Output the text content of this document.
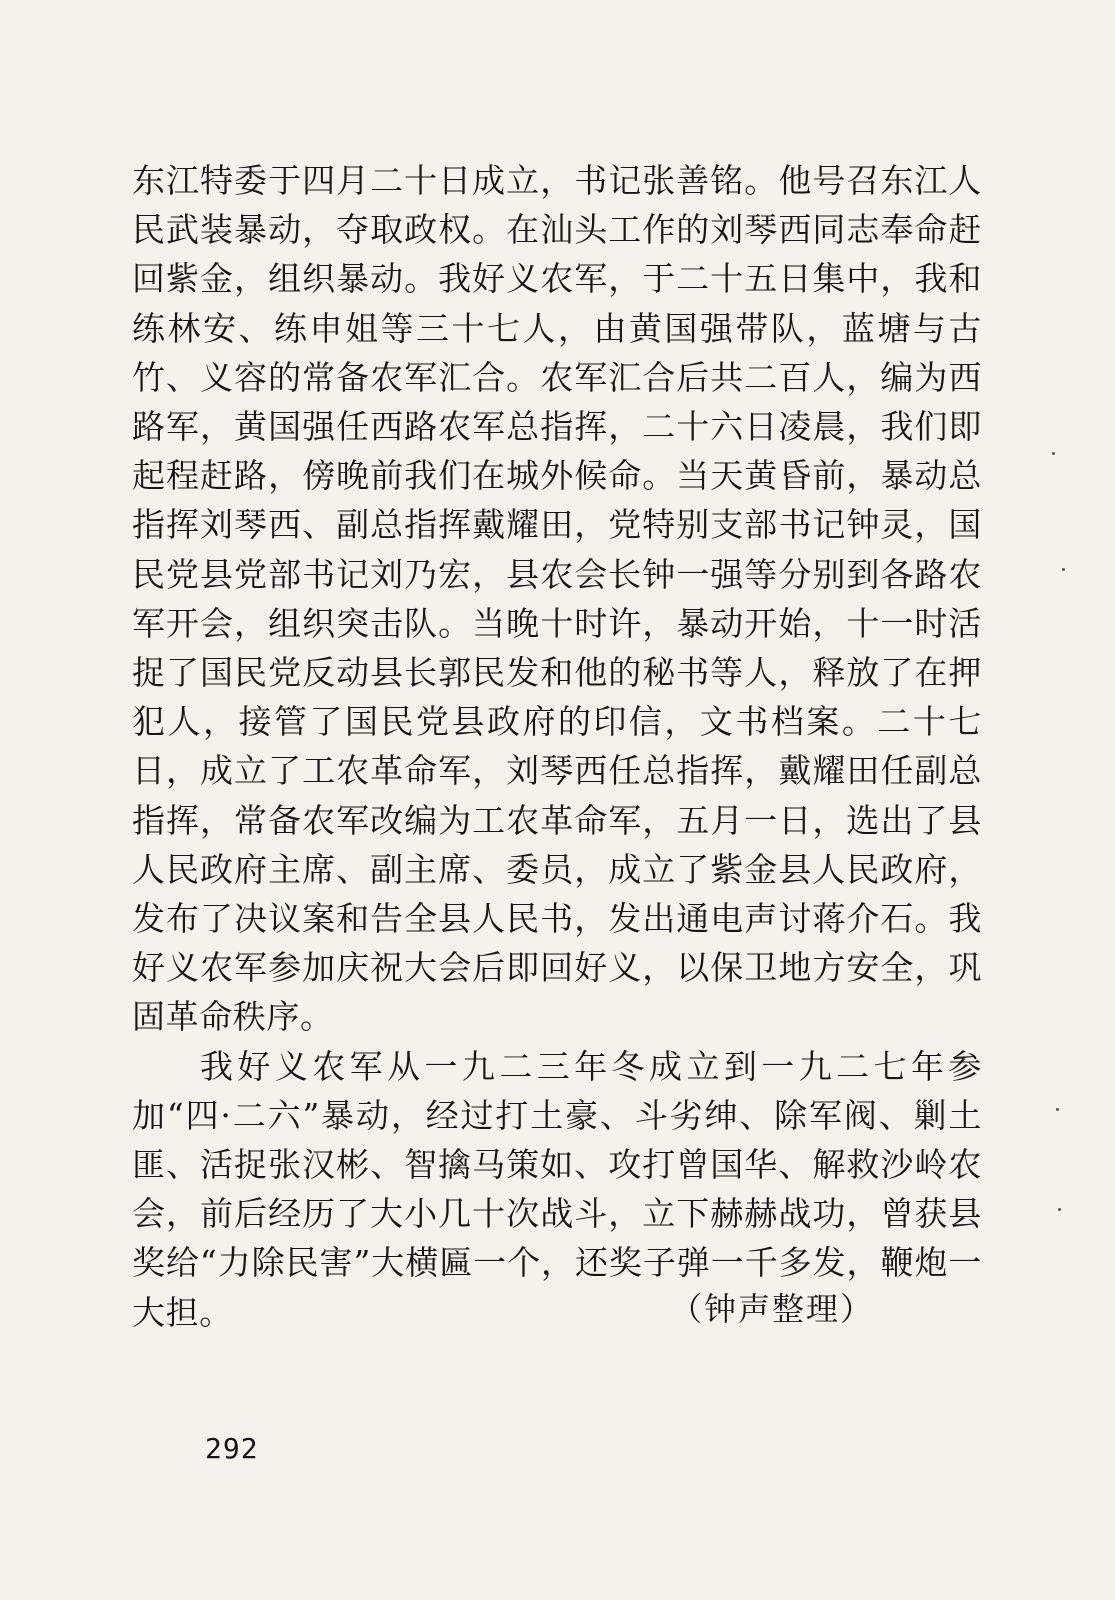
东江特委于四月二十日成立，书记张善铭。他号召东江人民武装暴动，夺取政权。在汕头工作的刘琴西同志奉命赶回紫金，组织暴动。我好义农军，于二十五日集中，我和练林安、练申姐等三十七人，由黄国强带队，蓝塘与古竹、义容的常备农军汇合。农军汇合后共二百人，编为西路军，黄国强任西路农军总指挥，二十六日凌晨，我们即起程赶路，傍晚前我们在城外候命。当天黄昏前，暴动总指挥刘琴西、副总指挥戴耀田，党特别支部书记钟灵，国民党县党部书记刘乃宏，县农会长钟一强等分别到各路农军开会，组织突击队。当晚十时许，暴动开始，十一时活捉了国民党反动县长郭民发和他的秘书等人，释放了在押犯人，接管了国民党县政府的印信，文书档案。二十七日，成立了工农革命军，刘琴西任总指挥，戴耀田任副总指挥，常备农军改编为工农革命军，五月一日，选出了县人民政府主席、副主席、委员，成立了紫金县人民政府，发布了决议案和告全县人民书，发出通电声讨蒋介石。我好义农军参加庆祝大会后即回好义，以保卫地方安全，巩固革命秩序。

我好义农军从一九二三年冬成立到一九二七年参加“四·二六”暴动，经过打土豪、斗劣绅、除军阀、剿土匪、活捉张汉彬、智擒马策如、攻打曾国华、解救沙岭农会，前后经历了大小几十次战斗，立下赫赫战功，曾获县奖给“力除民害”大横匾一个，还奖子弹一千多发，鞭炮一大担。	（钟声整理）
292
